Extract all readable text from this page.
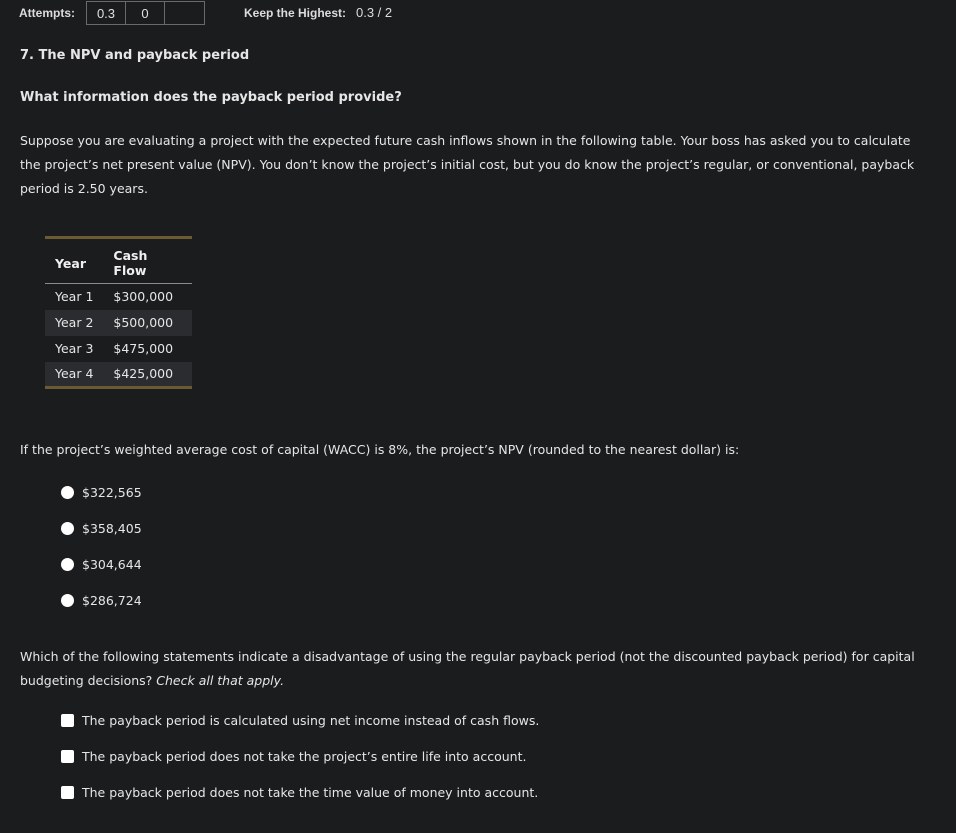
Attempts:	0.3	0	Keep the Highest: 0.3 / 2
7. The NPV and payback period
What information does the payback period provide?
Suppose you are evaluating a project with the expected future cash inflows shown in the following table. Your boss has asked you to calculate the project’s net present value (NPV). You don’t know the project’s initial cost, but you do know the project’s regular, or conventional, payback period is 2.50 years.
Year	Cash Flow
Year 1	$300,000
Year 2	$500,000
Year 3	$475,000
Year 4	$425,000
If the project’s weighted average cost of capital (WACC) is 8%, the project’s NPV (rounded to the nearest dollar) is:
$322,565
$358,405
$304,644
$286,724
Which of the following statements indicate a disadvantage of using the regular payback period (not the discounted payback period) for capital budgeting decisions? Check all that apply.
The payback period is calculated using net income instead of cash flows.
The payback period does not take the project’s entire life into account.
The payback period does not take the time value of money into account.
